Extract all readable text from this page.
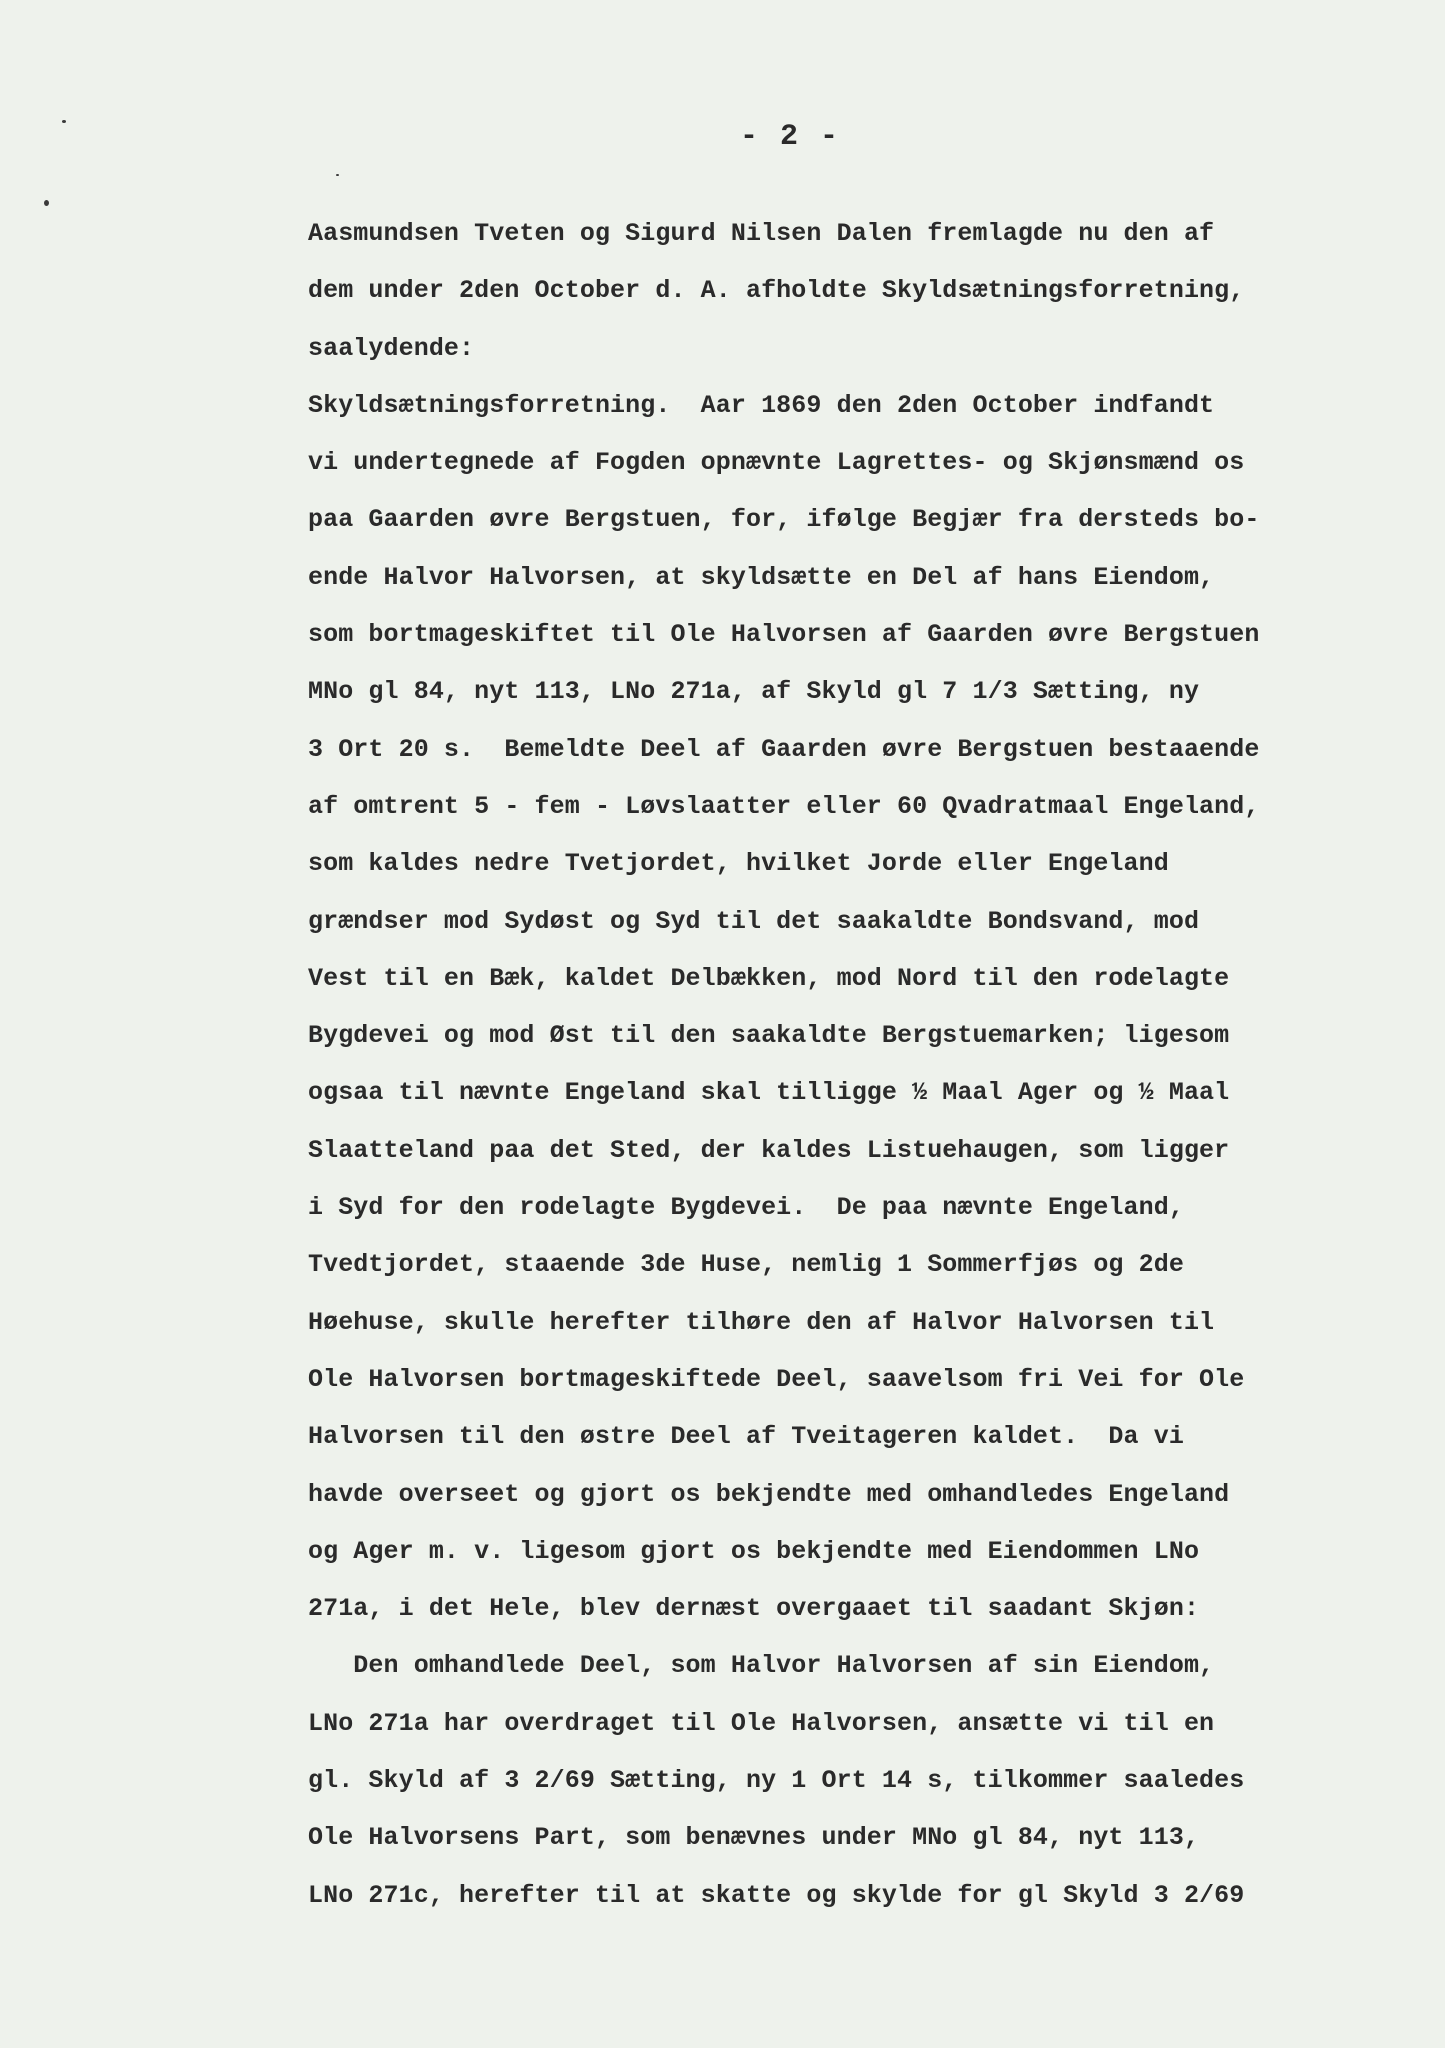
- 2 -
Aasmundsen Tveten og Sigurd Nilsen Dalen fremlagde nu den af
dem under 2den October d. A. afholdte Skyldsætningsforretning,
saalydende:
Skyldsætningsforretning.  Aar 1869 den 2den October indfandt
vi undertegnede af Fogden opnævnte Lagrettes- og Skjønsmænd os
paa Gaarden øvre Bergstuen, for, ifølge Begjær fra dersteds bo-
ende Halvor Halvorsen, at skyldsætte en Del af hans Eiendom,
som bortmageskiftet til Ole Halvorsen af Gaarden øvre Bergstuen
MNo gl 84, nyt 113, LNo 271a, af Skyld gl 7 1/3 Sætting, ny
3 Ort 20 s.  Bemeldte Deel af Gaarden øvre Bergstuen bestaaende
af omtrent 5 - fem - Løvslaatter eller 60 Qvadratmaal Engeland,
som kaldes nedre Tvetjordet, hvilket Jorde eller Engeland
grændser mod Sydøst og Syd til det saakaldte Bondsvand, mod
Vest til en Bæk, kaldet Delbækken, mod Nord til den rodelagte
Bygdevei og mod Øst til den saakaldte Bergstuemarken; ligesom
ogsaa til nævnte Engeland skal tilligge ½ Maal Ager og ½ Maal
Slaatteland paa det Sted, der kaldes Listuehaugen, som ligger
i Syd for den rodelagte Bygdevei.  De paa nævnte Engeland,
Tvedtjordet, staaende 3de Huse, nemlig 1 Sommerfjøs og 2de
Høehuse, skulle herefter tilhøre den af Halvor Halvorsen til
Ole Halvorsen bortmageskiftede Deel, saavelsom fri Vei for Ole
Halvorsen til den østre Deel af Tveitageren kaldet.  Da vi
havde overseet og gjort os bekjendte med omhandledes Engeland
og Ager m. v. ligesom gjort os bekjendte med Eiendommen LNo
271a, i det Hele, blev dernæst overgaaet til saadant Skjøn:
Den omhandlede Deel, som Halvor Halvorsen af sin Eiendom,
LNo 271a har overdraget til Ole Halvorsen, ansætte vi til en
gl. Skyld af 3 2/69 Sætting, ny 1 Ort 14 s, tilkommer saaledes
Ole Halvorsens Part, som benævnes under MNo gl 84, nyt 113,
LNo 271c, herefter til at skatte og skylde for gl Skyld 3 2/69
